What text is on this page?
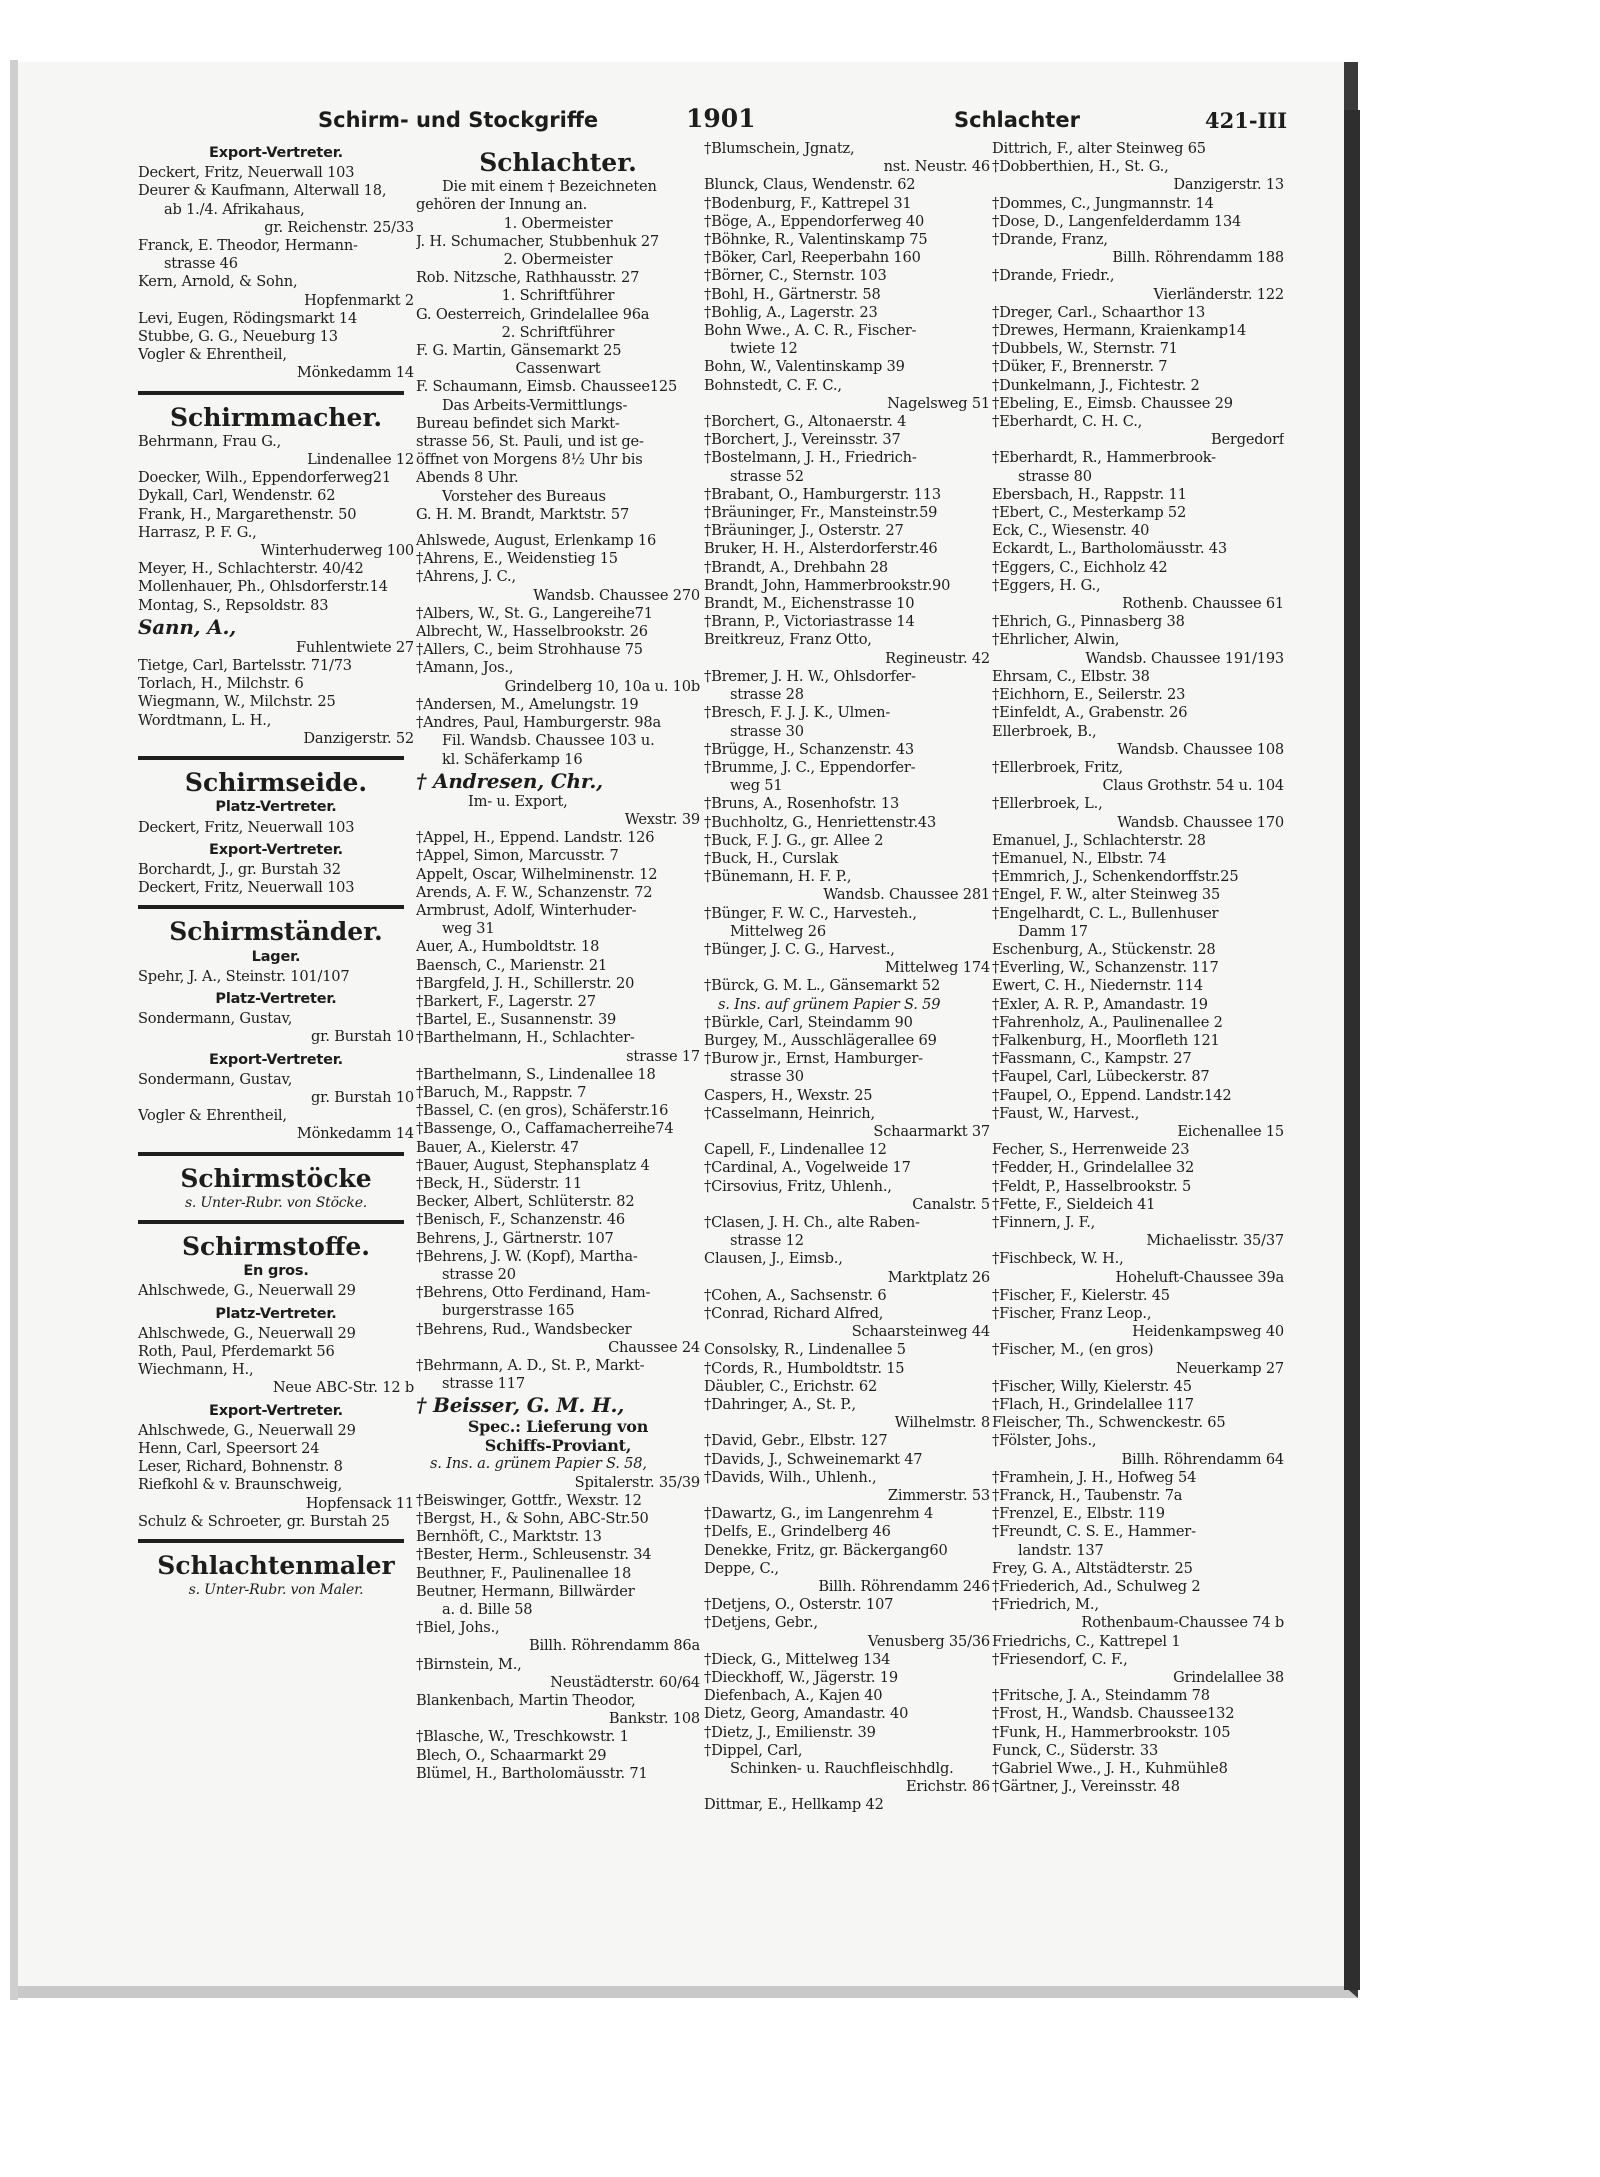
Schirm- und Stockgriffe	1901	Schlachter	421-III
Export-Vertreter.
Deckert, Fritz, Neuerwall 103
Deurer & Kaufmann, Alterwall 18,
ab 1./4. Afrikahaus,
gr. Reichenstr. 25/33
Franck, E. Theodor, Hermann-
strasse 46
Kern, Arnold, & Sohn,
Hopfenmarkt 2
Levi, Eugen, Rödingsmarkt 14
Stubbe, G. G., Neueburg 13
Vogler & Ehrentheil,
Mönkedamm 14
Schirmmacher.
Behrmann, Frau G.,
Lindenallee 12
Doecker, Wilh., Eppendorferweg21
Dykall, Carl, Wendenstr. 62
Frank, H., Margarethenstr. 50
Harrasz, P. F. G.,
Winterhuderweg 100
Meyer, H., Schlachterstr. 40/42
Mollenhauer, Ph., Ohlsdorferstr.14
Montag, S., Repsoldstr. 83
Sann, A.,
Fuhlentwiete 27
Tietge, Carl, Bartelsstr. 71/73
Torlach, H., Milchstr. 6
Wiegmann, W., Milchstr. 25
Wordtmann, L. H.,
Danzigerstr. 52
Schirmseide.
Platz-Vertreter.
Deckert, Fritz, Neuerwall 103
Export-Vertreter.
Borchardt, J., gr. Burstah 32
Deckert, Fritz, Neuerwall 103
Schirmständer.
Lager.
Spehr, J. A., Steinstr. 101/107
Platz-Vertreter.
Sondermann, Gustav,
gr. Burstah 10
Export-Vertreter.
Sondermann, Gustav,
gr. Burstah 10
Vogler & Ehrentheil,
Mönkedamm 14
Schirmstöcke
s. Unter-Rubr. von Stöcke.
Schirmstoffe.
En gros.
Ahlschwede, G., Neuerwall 29
Platz-Vertreter.
Ahlschwede, G., Neuerwall 29
Roth, Paul, Pferdemarkt 56
Wiechmann, H.,
Neue ABC-Str. 12 b
Export-Vertreter.
Ahlschwede, G., Neuerwall 29
Henn, Carl, Speersort 24
Leser, Richard, Bohnenstr. 8
Riefkohl & v. Braunschweig,
Hopfensack 11
Schulz & Schroeter, gr. Burstah 25
Schlachtenmaler
s. Unter-Rubr. von Maler.
Schlachter.
Die mit einem † Bezeichneten
gehören der Innung an.
1. Obermeister
J. H. Schumacher, Stubbenhuk 27
2. Obermeister
Rob. Nitzsche, Rathhausstr. 27
1. Schriftführer
G. Oesterreich, Grindelallee 96a
2. Schriftführer
F. G. Martin, Gänsemarkt 25
Cassenwart
F. Schaumann, Eimsb. Chaussee125
Das Arbeits-Vermittlungs-
Bureau befindet sich Markt-
strasse 56, St. Pauli, und ist ge-
öffnet von Morgens 8½ Uhr bis
Abends 8 Uhr.
Vorsteher des Bureaus
G. H. M. Brandt, Marktstr. 57
Ahlswede, August, Erlenkamp 16
†Ahrens, E., Weidenstieg 15
†Ahrens, J. C.,
Wandsb. Chaussee 270
†Albers, W., St. G., Langereihe71
Albrecht, W., Hasselbrookstr. 26
†Allers, C., beim Strohhause 75
†Amann, Jos.,
Grindelberg 10, 10a u. 10b
†Andersen, M., Amelungstr. 19
†Andres, Paul, Hamburgerstr. 98a
Fil. Wandsb. Chaussee 103 u.
kl. Schäferkamp 16
† Andresen, Chr.,
Im- u. Export,
Wexstr. 39
†Appel, H., Eppend. Landstr. 126
†Appel, Simon, Marcusstr. 7
Appelt, Oscar, Wilhelminenstr. 12
Arends, A. F. W., Schanzenstr. 72
Armbrust, Adolf, Winterhuder-
weg 31
Auer, A., Humboldtstr. 18
Baensch, C., Marienstr. 21
†Bargfeld, J. H., Schillerstr. 20
†Barkert, F., Lagerstr. 27
†Bartel, E., Susannenstr. 39
†Barthelmann, H., Schlachter-
strasse 17
†Barthelmann, S., Lindenallee 18
†Baruch, M., Rappstr. 7
†Bassel, C. (en gros), Schäferstr.16
†Bassenge, O., Caffamacherreihe74
Bauer, A., Kielerstr. 47
†Bauer, August, Stephansplatz 4
†Beck, H., Süderstr. 11
Becker, Albert, Schlüterstr. 82
†Benisch, F., Schanzenstr. 46
Behrens, J., Gärtnerstr. 107
†Behrens, J. W. (Kopf), Martha-
strasse 20
†Behrens, Otto Ferdinand, Ham-
burgerstrasse 165
†Behrens, Rud., Wandsbecker
Chaussee 24
†Behrmann, A. D., St. P., Markt-
strasse 117
† Beisser, G. M. H.,
Spec.: Lieferung von
Schiffs-Proviant,
s. Ins. a. grünem Papier S. 58,
Spitalerstr. 35/39
†Beiswinger, Gottfr., Wexstr. 12
†Bergst, H., & Sohn, ABC-Str.50
Bernhöft, C., Marktstr. 13
†Bester, Herm., Schleusenstr. 34
Beuthner, F., Paulinenallee 18
Beutner, Hermann, Billwärder
a. d. Bille 58
†Biel, Johs.,
Billh. Röhrendamm 86a
†Birnstein, M.,
Neustädterstr. 60/64
Blankenbach, Martin Theodor,
Bankstr. 108
†Blasche, W., Treschkowstr. 1
Blech, O., Schaarmarkt 29
Blümel, H., Bartholomäusstr. 71
†Blumschein, Jgnatz,
nst. Neustr. 46
Blunck, Claus, Wendenstr. 62
†Bodenburg, F., Kattrepel 31
†Böge, A., Eppendorferweg 40
†Böhnke, R., Valentinskamp 75
†Böker, Carl, Reeperbahn 160
†Börner, C., Sternstr. 103
†Bohl, H., Gärtnerstr. 58
†Bohlig, A., Lagerstr. 23
Bohn Wwe., A. C. R., Fischer-
twiete 12
Bohn, W., Valentinskamp 39
Bohnstedt, C. F. C.,
Nagelsweg 51
†Borchert, G., Altonaerstr. 4
†Borchert, J., Vereinsstr. 37
†Bostelmann, J. H., Friedrich-
strasse 52
†Brabant, O., Hamburgerstr. 113
†Bräuninger, Fr., Mansteinstr.59
†Bräuninger, J., Osterstr. 27
Bruker, H. H., Alsterdorferstr.46
†Brandt, A., Drehbahn 28
Brandt, John, Hammerbrookstr.90
Brandt, M., Eichenstrasse 10
†Brann, P., Victoriastrasse 14
Breitkreuz, Franz Otto,
Regineustr. 42
†Bremer, J. H. W., Ohlsdorfer-
strasse 28
†Bresch, F. J. J. K., Ulmen-
strasse 30
†Brügge, H., Schanzenstr. 43
†Brumme, J. C., Eppendorfer-
weg 51
†Bruns, A., Rosenhofstr. 13
†Buchholtz, G., Henriettenstr.43
†Buck, F. J. G., gr. Allee 2
†Buck, H., Curslak
†Bünemann, H. F. P.,
Wandsb. Chaussee 281
†Bünger, F. W. C., Harvesteh.,
Mittelweg 26
†Bünger, J. C. G., Harvest.,
Mittelweg 174
†Bürck, G. M. L., Gänsemarkt 52
s. Ins. auf grünem Papier S. 59
†Bürkle, Carl, Steindamm 90
Burgey, M., Ausschlägerallee 69
†Burow jr., Ernst, Hamburger-
strasse 30
Caspers, H., Wexstr. 25
†Casselmann, Heinrich,
Schaarmarkt 37
Capell, F., Lindenallee 12
†Cardinal, A., Vogelweide 17
†Cirsovius, Fritz, Uhlenh.,
Canalstr. 5
†Clasen, J. H. Ch., alte Raben-
strasse 12
Clausen, J., Eimsb.,
Marktplatz 26
†Cohen, A., Sachsenstr. 6
†Conrad, Richard Alfred,
Schaarsteinweg 44
Consolsky, R., Lindenallee 5
†Cords, R., Humboldtstr. 15
Däubler, C., Erichstr. 62
†Dahringer, A., St. P.,
Wilhelmstr. 8
†David, Gebr., Elbstr. 127
†Davids, J., Schweinemarkt 47
†Davids, Wilh., Uhlenh.,
Zimmerstr. 53
†Dawartz, G., im Langenrehm 4
†Delfs, E., Grindelberg 46
Denekke, Fritz, gr. Bäckergang60
Deppe, C.,
Billh. Röhrendamm 246
†Detjens, O., Osterstr. 107
†Detjens, Gebr.,
Venusberg 35/36
†Dieck, G., Mittelweg 134
†Dieckhoff, W., Jägerstr. 19
Diefenbach, A., Kajen 40
Dietz, Georg, Amandastr. 40
†Dietz, J., Emilienstr. 39
†Dippel, Carl,
Schinken- u. Rauchfleischhdlg.
Erichstr. 86
Dittmar, E., Hellkamp 42
Dittrich, F., alter Steinweg 65
†Dobberthien, H., St. G.,
Danzigerstr. 13
†Dommes, C., Jungmannstr. 14
†Dose, D., Langenfelderdamm 134
†Drande, Franz,
Billh. Röhrendamm 188
†Drande, Friedr.,
Vierländerstr. 122
†Dreger, Carl., Schaarthor 13
†Drewes, Hermann, Kraienkamp14
†Dubbels, W., Sternstr. 71
†Düker, F., Brennerstr. 7
†Dunkelmann, J., Fichtestr. 2
†Ebeling, E., Eimsb. Chaussee 29
†Eberhardt, C. H. C.,
Bergedorf
†Eberhardt, R., Hammerbrook-
strasse 80
Ebersbach, H., Rappstr. 11
†Ebert, C., Mesterkamp 52
Eck, C., Wiesenstr. 40
Eckardt, L., Bartholomäusstr. 43
†Eggers, C., Eichholz 42
†Eggers, H. G.,
Rothenb. Chaussee 61
†Ehrich, G., Pinnasberg 38
†Ehrlicher, Alwin,
Wandsb. Chaussee 191/193
Ehrsam, C., Elbstr. 38
†Eichhorn, E., Seilerstr. 23
†Einfeldt, A., Grabenstr. 26
Ellerbroek, B.,
Wandsb. Chaussee 108
†Ellerbroek, Fritz,
Claus Grothstr. 54 u. 104
†Ellerbroek, L.,
Wandsb. Chaussee 170
Emanuel, J., Schlachterstr. 28
†Emanuel, N., Elbstr. 74
†Emmrich, J., Schenkendorffstr.25
†Engel, F. W., alter Steinweg 35
†Engelhardt, C. L., Bullenhuser
Damm 17
Eschenburg, A., Stückenstr. 28
†Everling, W., Schanzenstr. 117
Ewert, C. H., Niedernstr. 114
†Exler, A. R. P., Amandastr. 19
†Fahrenholz, A., Paulinenallee 2
†Falkenburg, H., Moorfleth 121
†Fassmann, C., Kampstr. 27
†Faupel, Carl, Lübeckerstr. 87
†Faupel, O., Eppend. Landstr.142
†Faust, W., Harvest.,
Eichenallee 15
Fecher, S., Herrenweide 23
†Fedder, H., Grindelallee 32
†Feldt, P., Hasselbrookstr. 5
†Fette, F., Sieldeich 41
†Finnern, J. F.,
Michaelisstr. 35/37
†Fischbeck, W. H.,
Hoheluft-Chaussee 39a
†Fischer, F., Kielerstr. 45
†Fischer, Franz Leop.,
Heidenkampsweg 40
†Fischer, M., (en gros)
Neuerkamp 27
†Fischer, Willy, Kielerstr. 45
†Flach, H., Grindelallee 117
Fleischer, Th., Schwenckestr. 65
†Fölster, Johs.,
Billh. Röhrendamm 64
†Framhein, J. H., Hofweg 54
†Franck, H., Taubenstr. 7a
†Frenzel, E., Elbstr. 119
†Freundt, C. S. E., Hammer-
landstr. 137
Frey, G. A., Altstädterstr. 25
†Friederich, Ad., Schulweg 2
†Friedrich, M.,
Rothenbaum-Chaussee 74 b
Friedrichs, C., Kattrepel 1
†Friesendorf, C. F.,
Grindelallee 38
†Fritsche, J. A., Steindamm 78
†Frost, H., Wandsb. Chaussee132
†Funk, H., Hammerbrookstr. 105
Funck, C., Süderstr. 33
†Gabriel Wwe., J. H., Kuhmühle8
†Gärtner, J., Vereinsstr. 48
